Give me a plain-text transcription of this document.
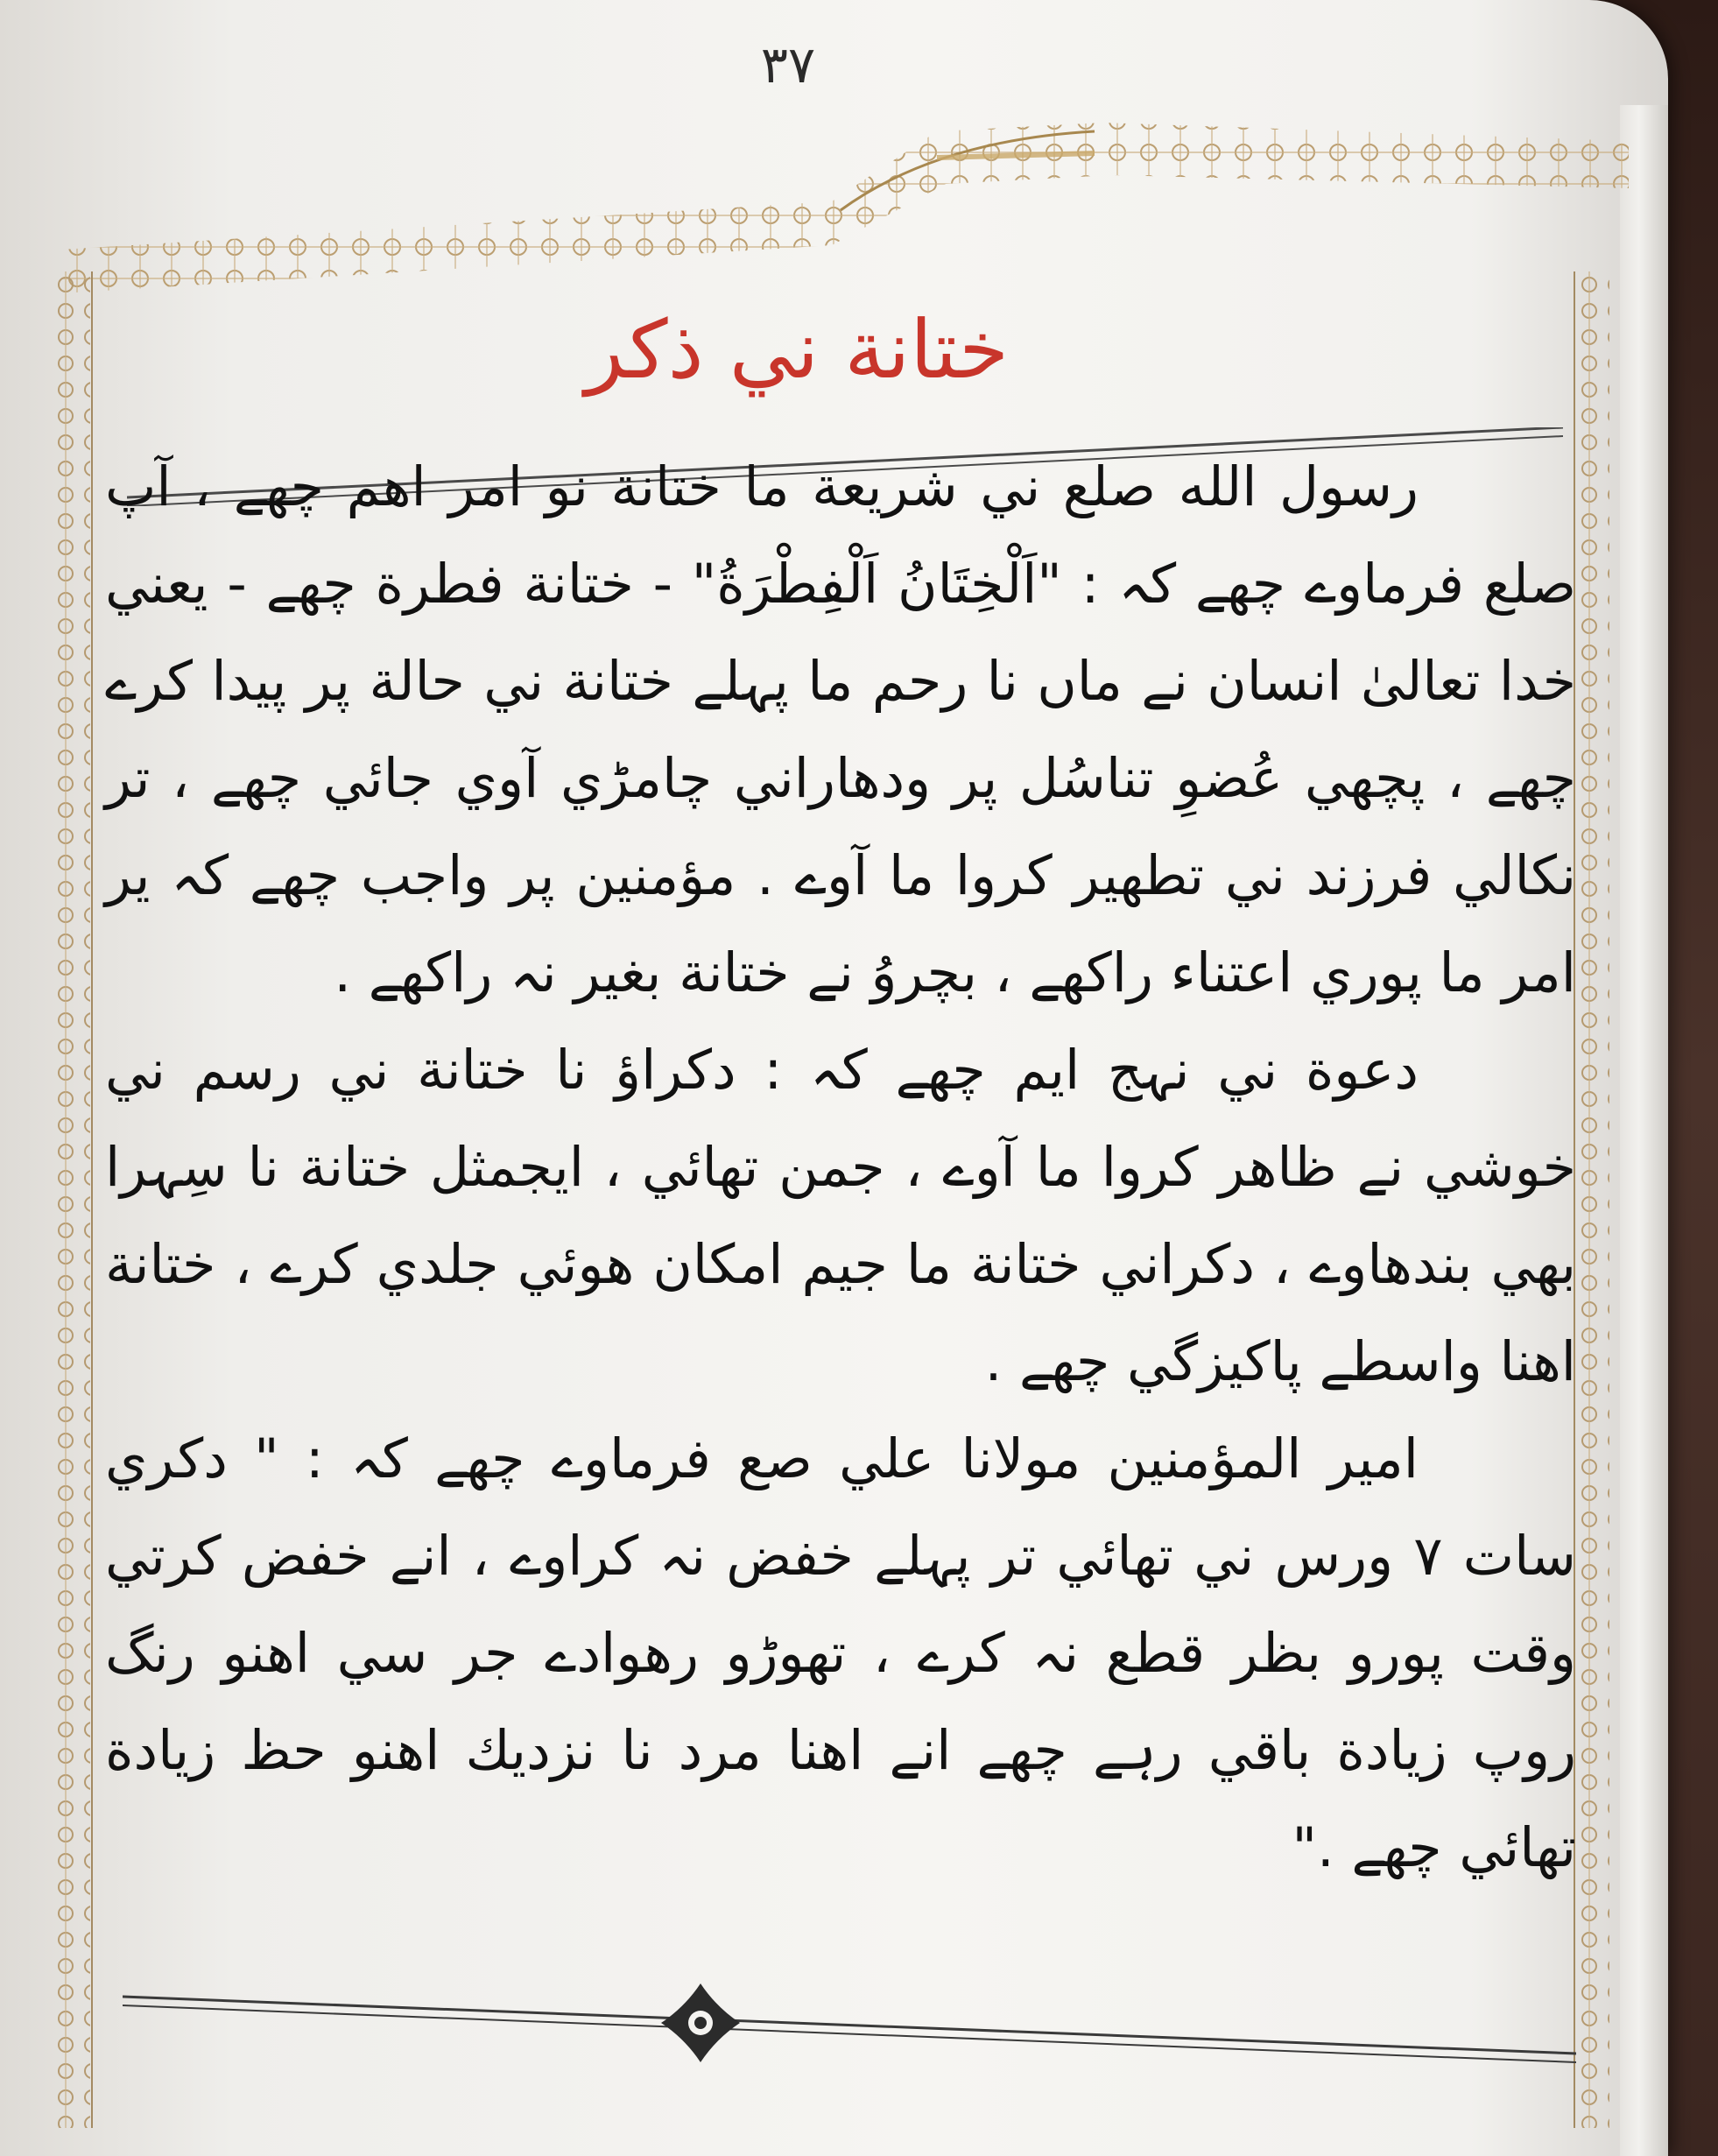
٣٧
ختانة ني ذكر

رسول الله صلع ني شريعة ما ختانة نو امر اهم چھے ، آپ صلع فرماوے چھے كہ : "اَلْخِتَانُ اَلْفِطْرَةُ" - ختانة فطرة چھے - يعني خدا تعالیٰ انسان نے ماں نا رحم ما پہلے ختانة ني حالة پر پيدا كرے چھے ، پچھي عُضوِ تناسُل پر ودھاراني چامڑي آوي جائي چھے ، تر نكالي فرزند ني تطهير كروا ما آوے . مؤمنين پر واجب چھے كہ ير امر ما پوري اعتناء راكھے ، بچروُ نے ختانة بغير نہ راكھے .

دعوة ني نہج ايم چھے كہ : دكراؤ نا ختانة ني رسم ني خوشي نے ظاهر كروا ما آوے ، جمن تھائي ، ايجمثل ختانة نا سِہرا بھي بندھاوے ، دكراني ختانة ما جيم امكان هوئي جلدي كرے ، ختانة اهنا واسطے پاكيزگي چھے .

امير المؤمنين مولانا علي صع فرماوے چھے كہ : " دكري سات ٧ ورس ني تھائي تر پہلے خفض نہ كراوے ، انے خفض كرتي وقت پورو بظر قطع نہ كرے ، تھوڑو رهوادے جر سي اهنو رنگ روپ زيادة باقي رہے چھے انے اهنا مرد نا نزديك اهنو حظ زيادة تھائي چھے ."
